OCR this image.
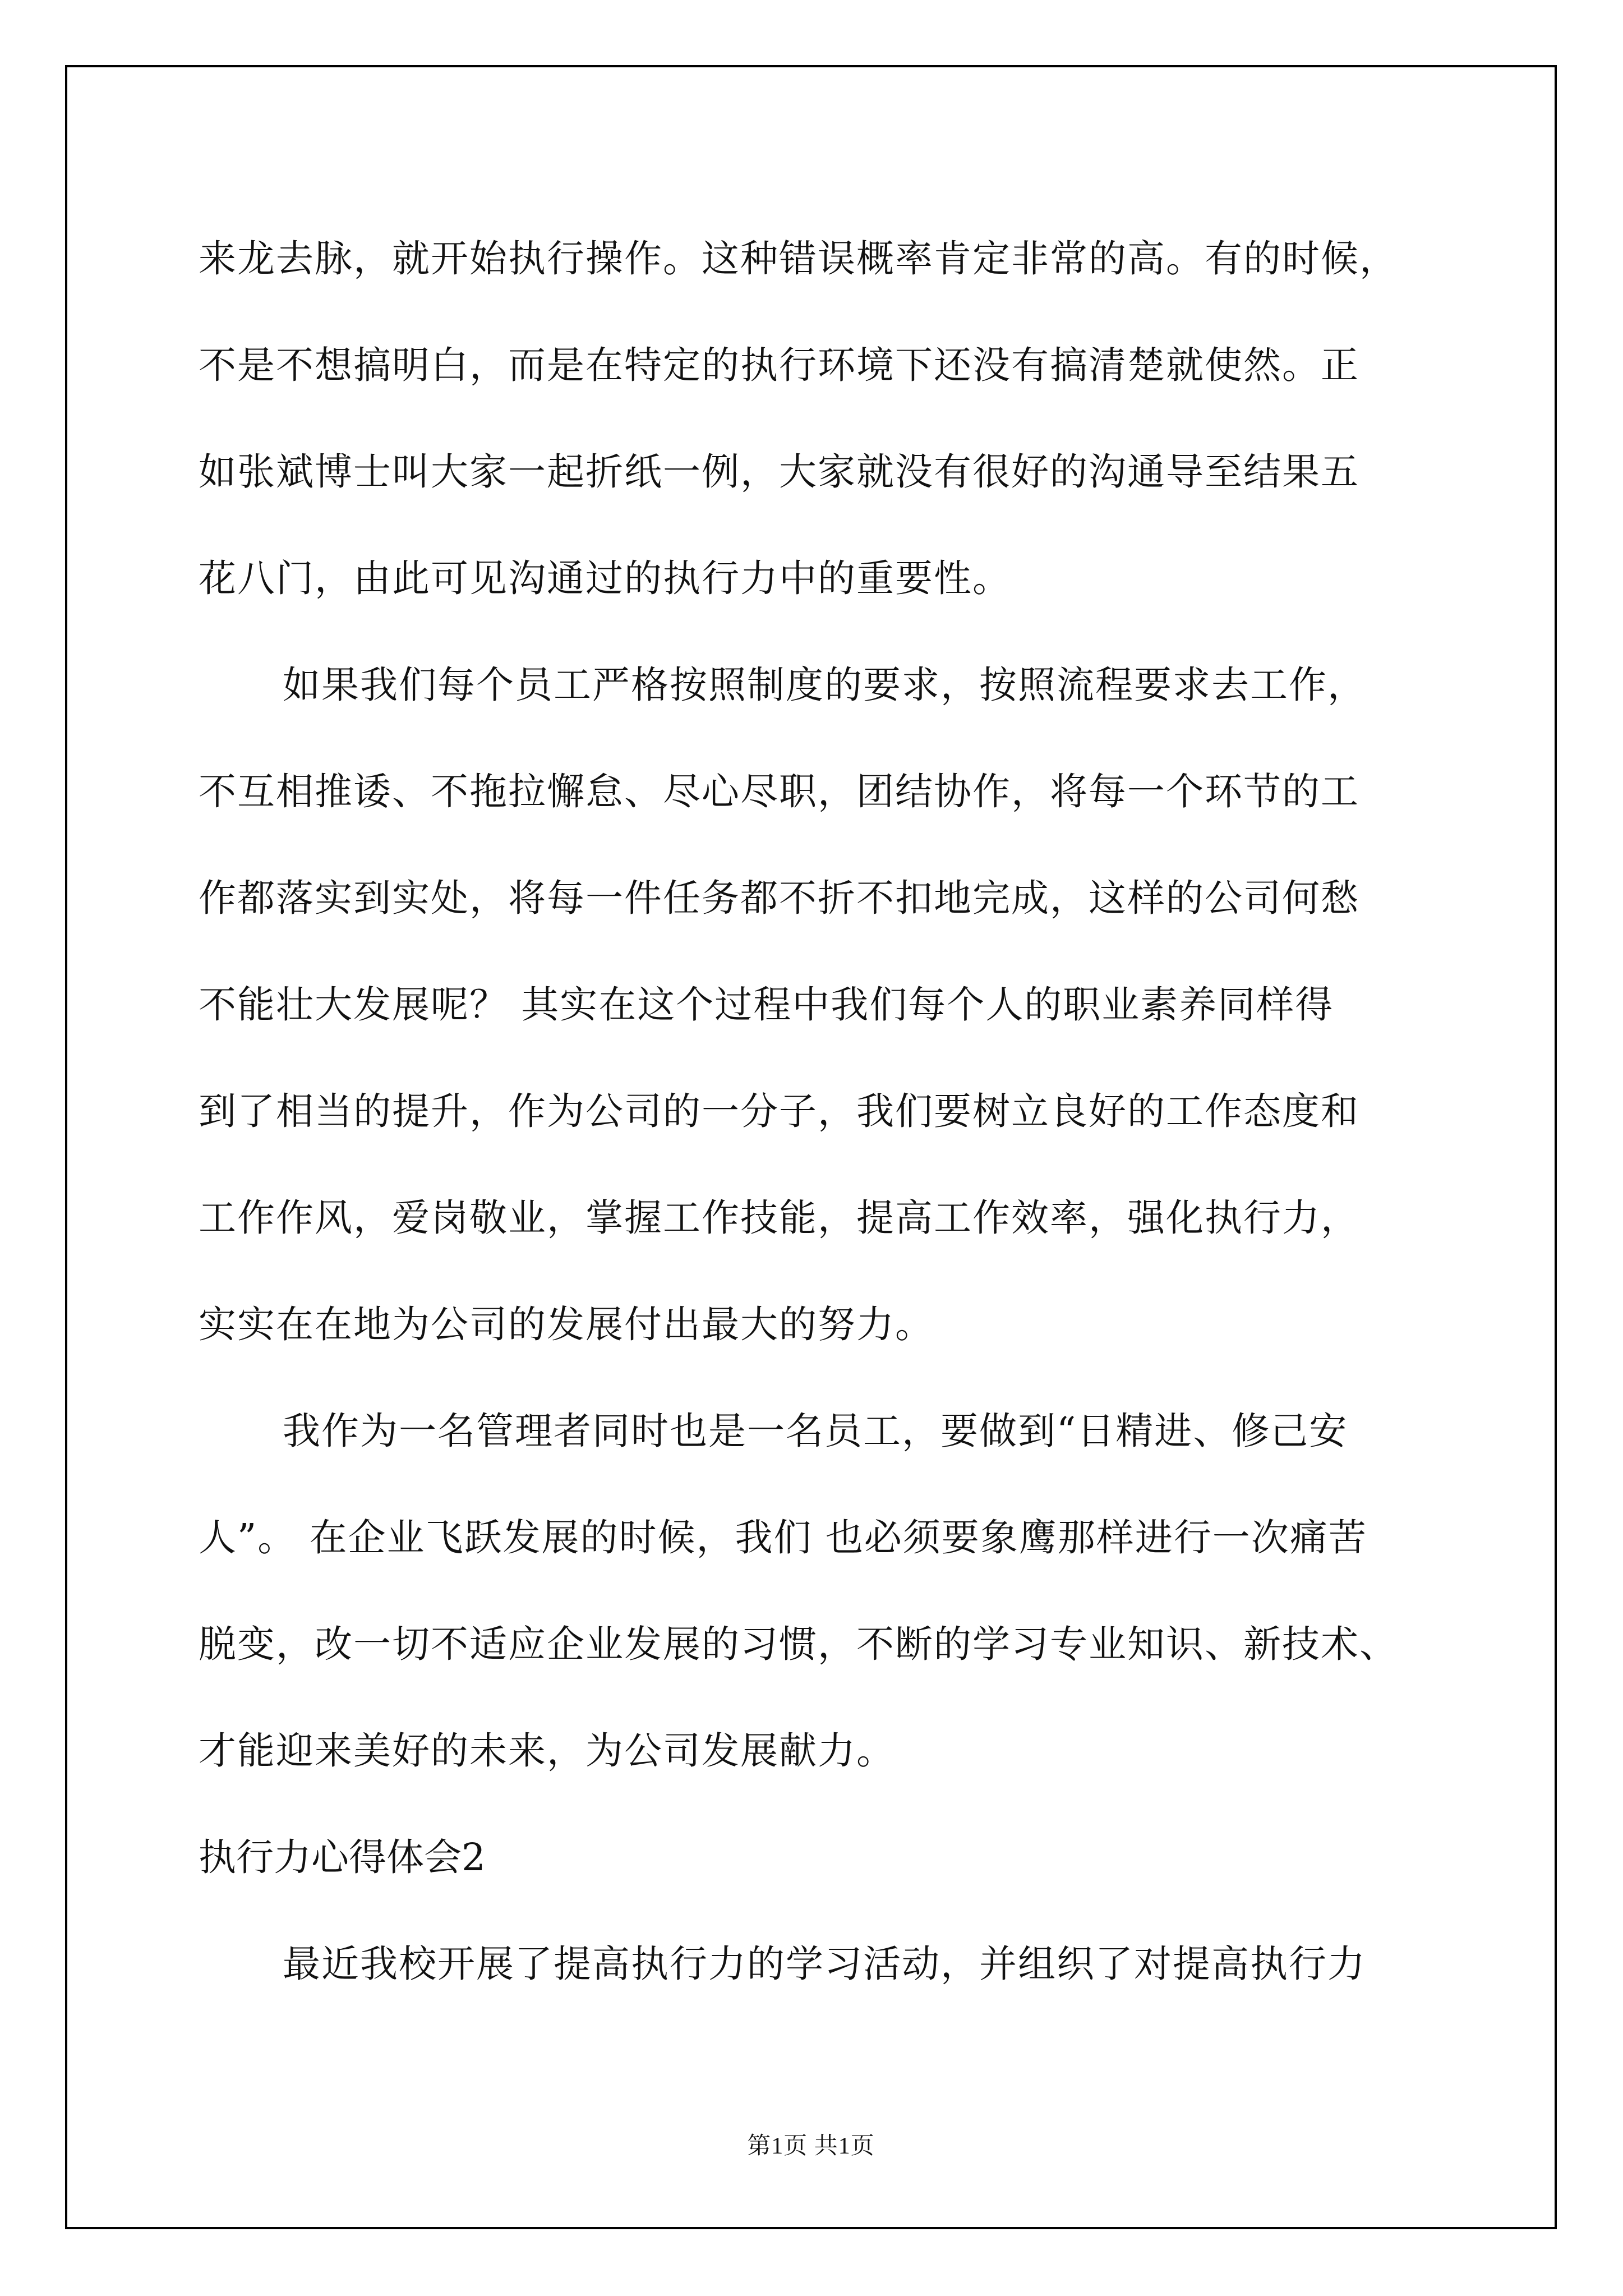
来龙去脉，就开始执行操作。这种错误概率肯定非常的高。有的时候，
不是不想搞明白，而是在特定的执行环境下还没有搞清楚就使然。正
如张斌博士叫大家一起折纸一例，大家就没有很好的沟通导至结果五
花八门，由此可见沟通过的执行力中的重要性。
如果我们每个员工严格按照制度的要求，按照流程要求去工作，
不互相推诿、不拖拉懈怠、尽心尽职，团结协作，将每一个环节的工
作都落实到实处，将每一件任务都不折不扣地完成，这样的公司何愁
不能壮大发展呢？ 其实在这个过程中我们每个人的职业素养同样得
到了相当的提升，作为公司的一分子，我们要树立良好的工作态度和
工作作风，爱岗敬业，掌握工作技能，提高工作效率，强化执行力，
实实在在地为公司的发展付出最大的努力。
我作为一名管理者同时也是一名员工，要做到“日精进、修己安
人”。 在企业飞跃发展的时候，我们 也必须要象鹰那样进行一次痛苦
脱变，改一切不适应企业发展的习惯，不断的学习专业知识、新技术、
才能迎来美好的未来，为公司发展献力。
执行力心得体会2
最近我校开展了提高执行力的学习活动，并组织了对提高执行力
第1页 共1页
